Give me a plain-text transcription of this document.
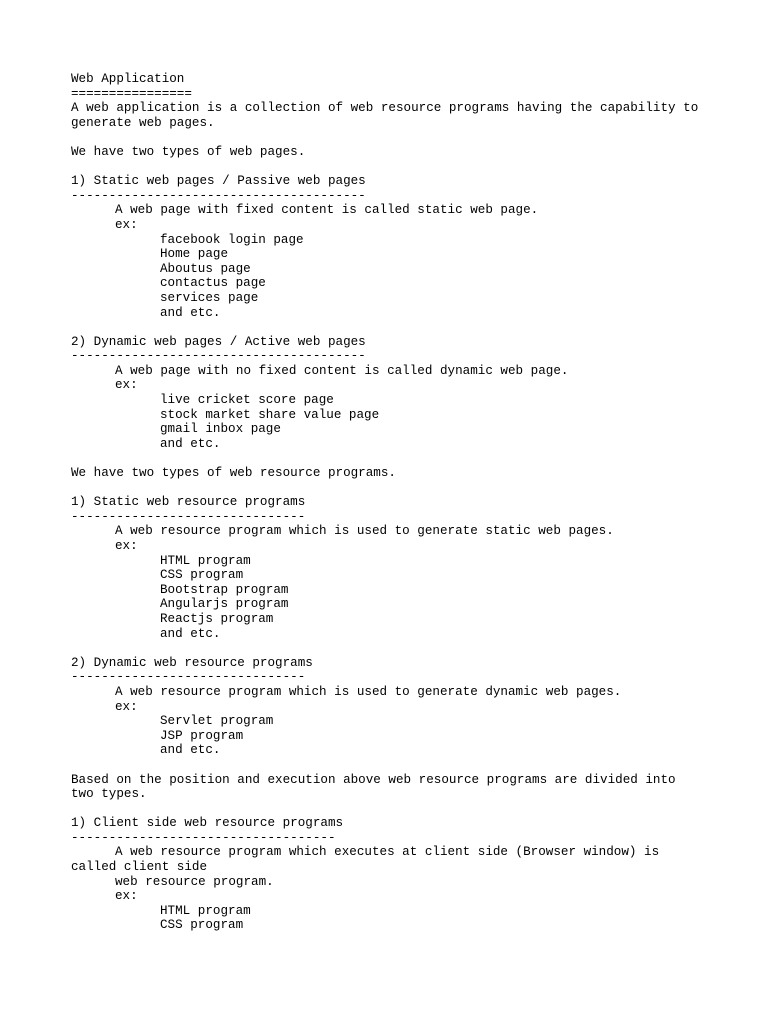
Web Application
================
A web application is a collection of web resource programs having the capability to
generate web pages.
We have two types of web pages.
1) Static web pages / Passive web pages
---------------------------------------
A web page with fixed content is called static web page.
ex:
facebook login page
Home page
Aboutus page
contactus page
services page
and etc.
2) Dynamic web pages / Active web pages
---------------------------------------
A web page with no fixed content is called dynamic web page.
ex:
live cricket score page
stock market share value page
gmail inbox page
and etc.
We have two types of web resource programs.
1) Static web resource programs
-------------------------------
A web resource program which is used to generate static web pages.
ex:
HTML program
CSS program
Bootstrap program
Angularjs program
Reactjs program
and etc.
2) Dynamic web resource programs
-------------------------------
A web resource program which is used to generate dynamic web pages.
ex:
Servlet program
JSP program
and etc.
Based on the position and execution above web resource programs are divided into
two types.
1) Client side web resource programs
-----------------------------------
A web resource program which executes at client side (Browser window) is
called client side
web resource program.
ex:
HTML program
CSS program
